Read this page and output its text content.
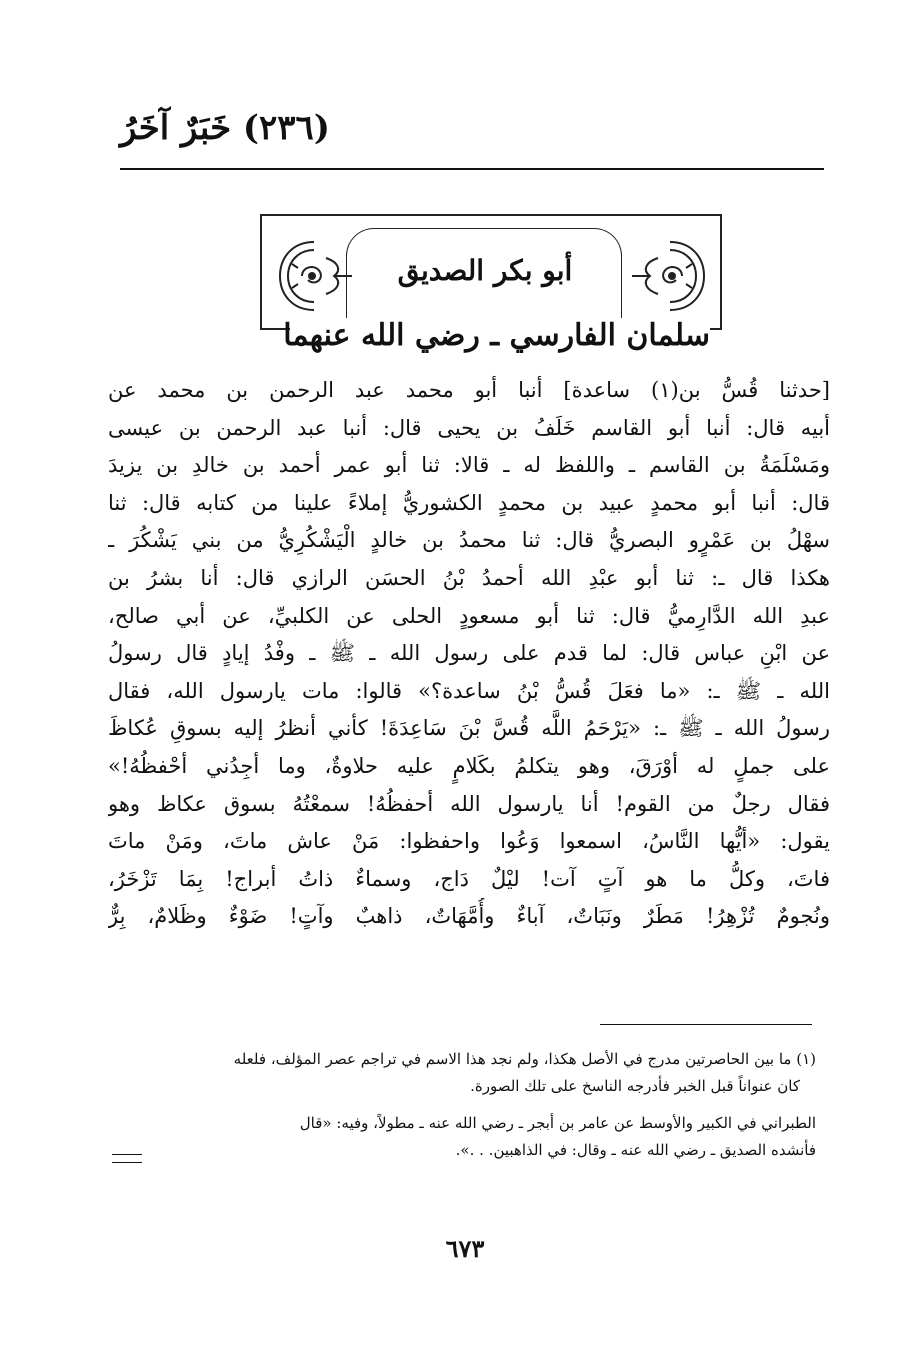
(٢٣٦) خَبَرٌ آخَرُ
أبو بكر الصديق
سلمان الفارسي ـ رضي الله عنهما
[حدثنا قُسُّ بن(١) ساعدة] أنبا أبو محمد عبد الرحمن بن محمد عن
أبيه قال: أنبا أبو القاسم خَلَفُ بن يحيى قال: أنبا عبد الرحمن بن عيسى
ومَسْلَمَةُ بن القاسم ـ واللفظ له ـ قالا: ثنا أبو عمر أحمد بن خالدِ بن يزيدَ
قال: أنبا أبو محمدٍ عبيد بن محمدٍ الكشوريُّ إملاءً علينا من كتابه قال: ثنا
سهْلُ بن عَمْرٍو البصريُّ قال: ثنا محمدُ بن خالدٍ الْيَشْكُرِيُّ من بني يَشْكُرَ ـ
هكذا قال ـ: ثنا أبو عبْدِ الله أحمدُ بْنُ الحسَن الرازي قال: أنا بشرُ بن
عبدِ الله الدَّارِميُّ قال: ثنا أبو مسعودٍ الحلى عن الكلبيِّ، عن أبي صالح،
عن ابْنِ عباس قال: لما قدم على رسول الله ـ ﷺ ـ وفْدُ إيادٍ قال رسولُ
الله ـ ﷺ ـ: «ما فعَلَ قُسُّ بْنُ ساعدة؟» قالوا: مات يارسول الله، فقال
رسولُ الله ـ ﷺ ـ: «يَرْحَمُ اللَّه قُسَّ بْنَ سَاعِدَةَ! كأني أنظرُ إليه بسوقِ عُكاظَ
على جملٍ له أوْرَقَ، وهو يتكلمُ بكَلامٍ عليه حلاوةٌ، وما أجِدُني أحْفظُهُ!»
فقال رجلٌ من القوم! أنا يارسول الله أحفظُهُ! سمعْتُهُ بسوق عكاظ وهو
يقول: «أيُّها النَّاسُ، اسمعوا وَعُوا واحفظوا: مَنْ عاش ماتَ، ومَنْ ماتَ
فاتَ، وكلُّ ما هو آتٍ آت! ليْلٌ دَاج، وسماءٌ ذاتُ أبراج! بِمَا تَزْخَرُ،
ونُجومٌ تُزْهِرُ! مَطَرٌ ونَبَاتٌ، آباءٌ وأُمَّهَاتٌ، ذاهبٌ وآتٍ! ضَوْءٌ وظَلامٌ، بِرٌّ
(١) ما بين الحاصرتين مدرج في الأصل هكذا، ولم نجد هذا الاسم في تراجم عصر المؤلف، فلعله
كان عنواناً قبل الخبر فأدرجه الناسخ على تلك الصورة.
الطبراني في الكبير والأوسط عن عامر بن أبجر ـ رضي الله عنه ـ مطولاً، وفيه: «قال
فأنشده الصديق ـ رضي الله عنه ـ وقال: في الذاهبين. . .».
٦٧٣
